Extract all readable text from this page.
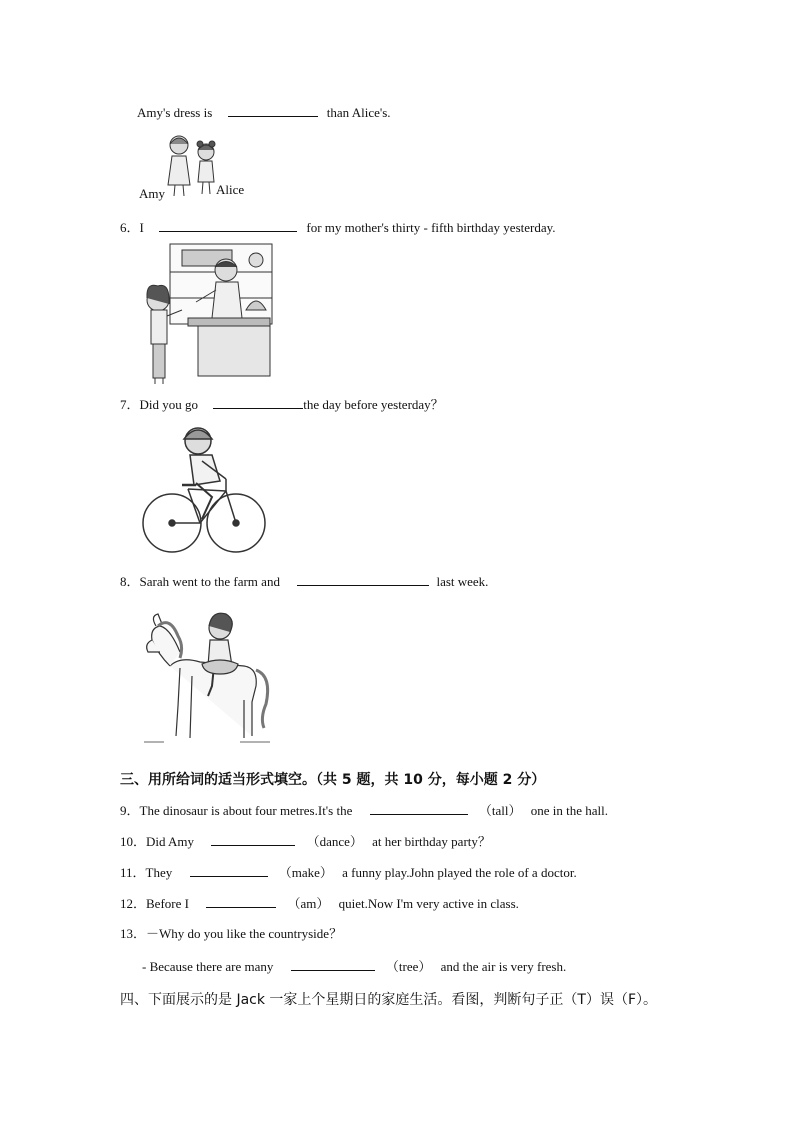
Amy's dress is	than Alice's.
Amy	Alice
6．I	for my mother's thirty - fifth birthday yesterday.
7．Did you go	the day before yesterday？
8．Sarah went to the farm and	last week.
三、用所给词的适当形式填空。（共 5 题，共 10 分，每小题 2 分）
9．The dinosaur is about four metres.It's the	（tall） one in the hall.
10．Did Amy	（dance） at her birthday party？
11．They	（make） a funny play.John played the role of a doctor.
12．Before I	（am） quiet.Now I'm very active in class.
13．－Why do you like the countryside？
- Because there are many	（tree） and the air is very fresh.
四、下面展示的是 Jack 一家上个星期日的家庭生活。看图，判断句子正（T）误（F）。
